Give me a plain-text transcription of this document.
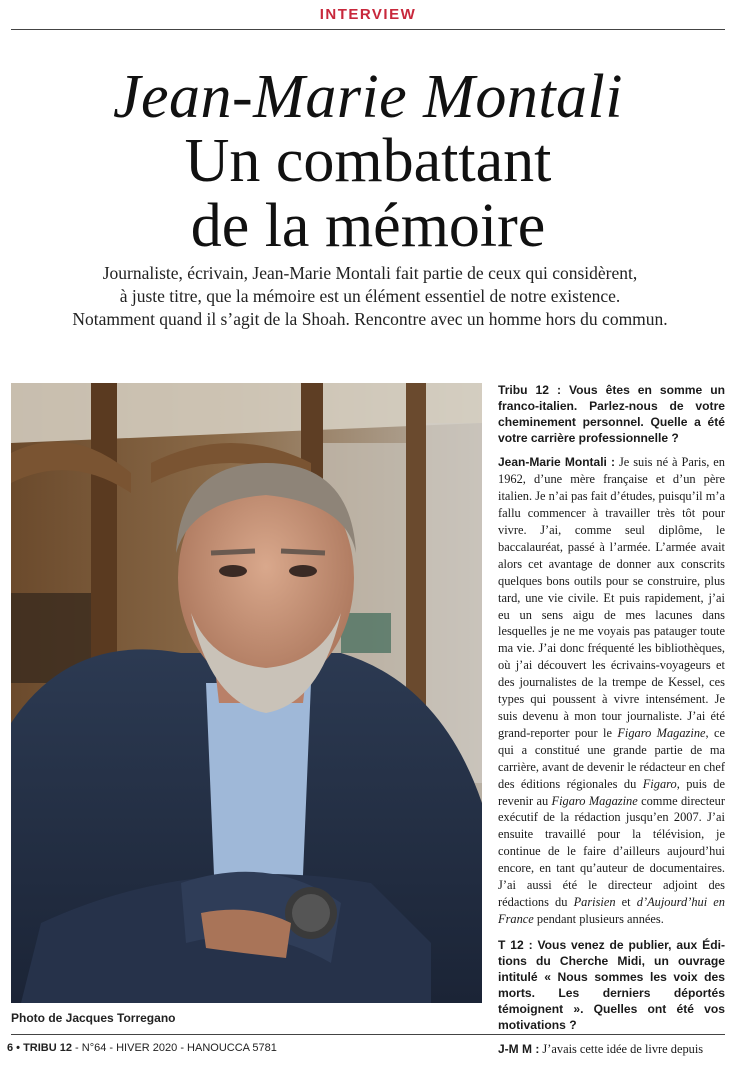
INTERVIEW
Jean-Marie Montali
Un combattant
de la mémoire
Journaliste, écrivain, Jean-Marie Montali fait partie de ceux qui considèrent,
à juste titre, que la mémoire est un élément essentiel de notre existence.
Notamment quand il s’agit de la Shoah. Rencontre avec un homme hors du commun.
Photo de Jacques Torregano

Tribu 12 : Vous êtes en somme un franco-italien. Parlez-nous de votre cheminement personnel. Quelle a été votre carrière professionnelle ?

Jean-Marie Montali : Je suis né à Paris, en 1962, d’une mère française et d’un père italien. Je n’ai pas fait d’études, puisqu’il m’a fallu commencer à travailler très tôt pour vivre. J’ai, comme seul diplôme, le baccalauréat, passé à l’armée. L’armée avait alors cet avantage de donner aux conscrits quelques bons outils pour se construire, plus tard, une vie civile. Et puis rapidement, j’ai eu un sens aigu de mes lacunes dans lesquelles je ne me voyais pas patauger toute ma vie. J’ai donc fréquenté les bibliothèques, où j’ai découvert les écrivains-voyageurs et des journalistes de la trempe de Kessel, ces types qui poussent à vivre intensément. Je suis devenu à mon tour journaliste. J’ai été grand-reporter pour le Figaro Magazine, ce qui a constitué une grande partie de ma carrière, avant de devenir le rédacteur en chef des éditions régionales du Figaro, puis de revenir au Figaro Magazine comme directeur exécutif de la rédaction jusqu’en 2007. J’ai ensuite travaillé pour la télévision, je continue de le faire d’ailleurs aujourd’hui encore, en tant qu’auteur de documentaires. J’ai aussi été le directeur adjoint des rédactions du Parisien et d’Aujourd’hui en France pendant plusieurs années.

T 12 : Vous venez de publier, aux Éditions du Cherche Midi, un ouvrage intitulé « Nous sommes les voix des morts. Les derniers déportés témoignent ». Quelles ont été vos motivations ?

J-M M : J’avais cette idée de livre depuis

6 • TRIBU 12 - N°64 - HIVER 2020 - HANOUCCA 5781
